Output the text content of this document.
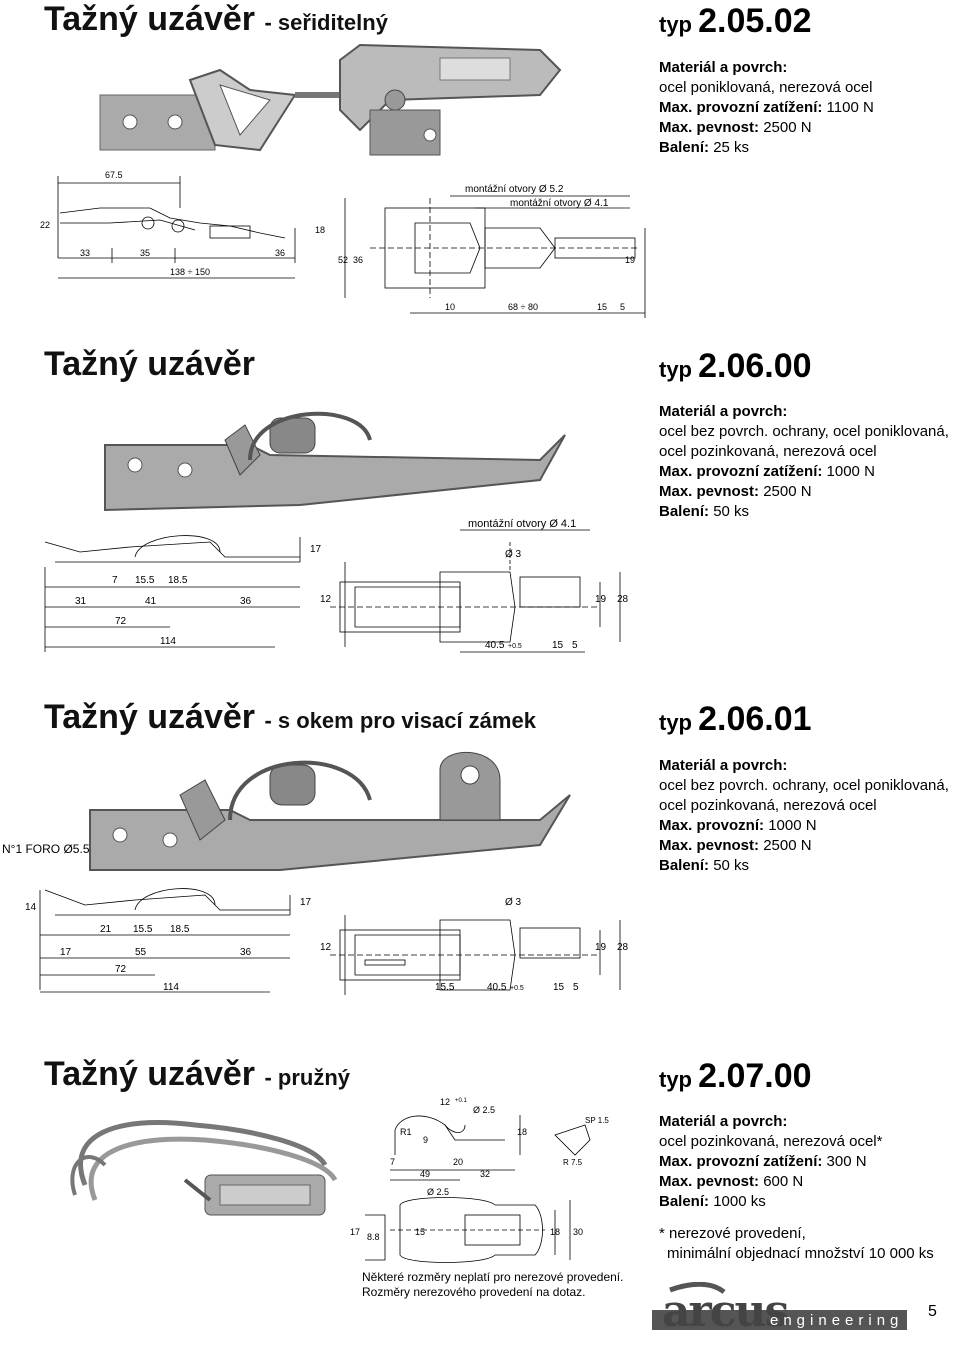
Tažný uzávěr - seřiditelný	typ 2.05.02
Materiál a povrch:
ocel poniklovaná, nerezová ocel
Max. provozní zatížení: 1100 N
Max. pevnost: 2500 N
Balení: 25 ks
67.5
22	18
33	35	36
138 ÷ 150
52 36	19
10	68 ÷ 80	15 5
montážní otvory Ø 5.2
montážní otvory Ø 4.1
Tažný uzávěr	typ 2.06.00
Materiál a povrch:
ocel bez povrch. ochrany, ocel poniklovaná,
ocel pozinkovaná, nerezová ocel
Max. provozní zatížení: 1000 N
Max. pevnost: 2500 N
Balení: 50 ks
montážní otvory Ø 4.1
17	Ø 3
7 15.5 18.5
31	41	36
72
114
12	19 28
40.5 +0.5	15 5
Tažný uzávěr - s okem pro visací zámek	typ 2.06.01
Materiál a povrch:
ocel bez povrch. ochrany, ocel poniklovaná,
ocel pozinkovaná, nerezová ocel
Max. provozní: 1000 N
Max. pevnost: 2500 N
Balení: 50 ks
N°1 FORO Ø5.5
14	17	Ø 3
21 15.5 18.5
17	55	36
72
114
12	19 28
15.5	40.5 +0.5	15 5
Tažný uzávěr - pružný	typ 2.07.00
Materiál a povrch:
ocel pozinkovaná, nerezová ocel*
Max. provozní zatížení: 300 N
Max. pevnost: 600 N
Balení: 1000 ks
* nerezové provedení,
minimální objednací množství 10 000 ks
12 +0.1
Ø 2.5
R1
9
18
SP 1.5
R 7.5
7
49
20
32
Ø 2.5
17 8.8	15	18 30
Některé rozměry neplatí pro nerezové provedení.
Rozměry nerezového provedení na dotaz.	arcus
engineering
5
